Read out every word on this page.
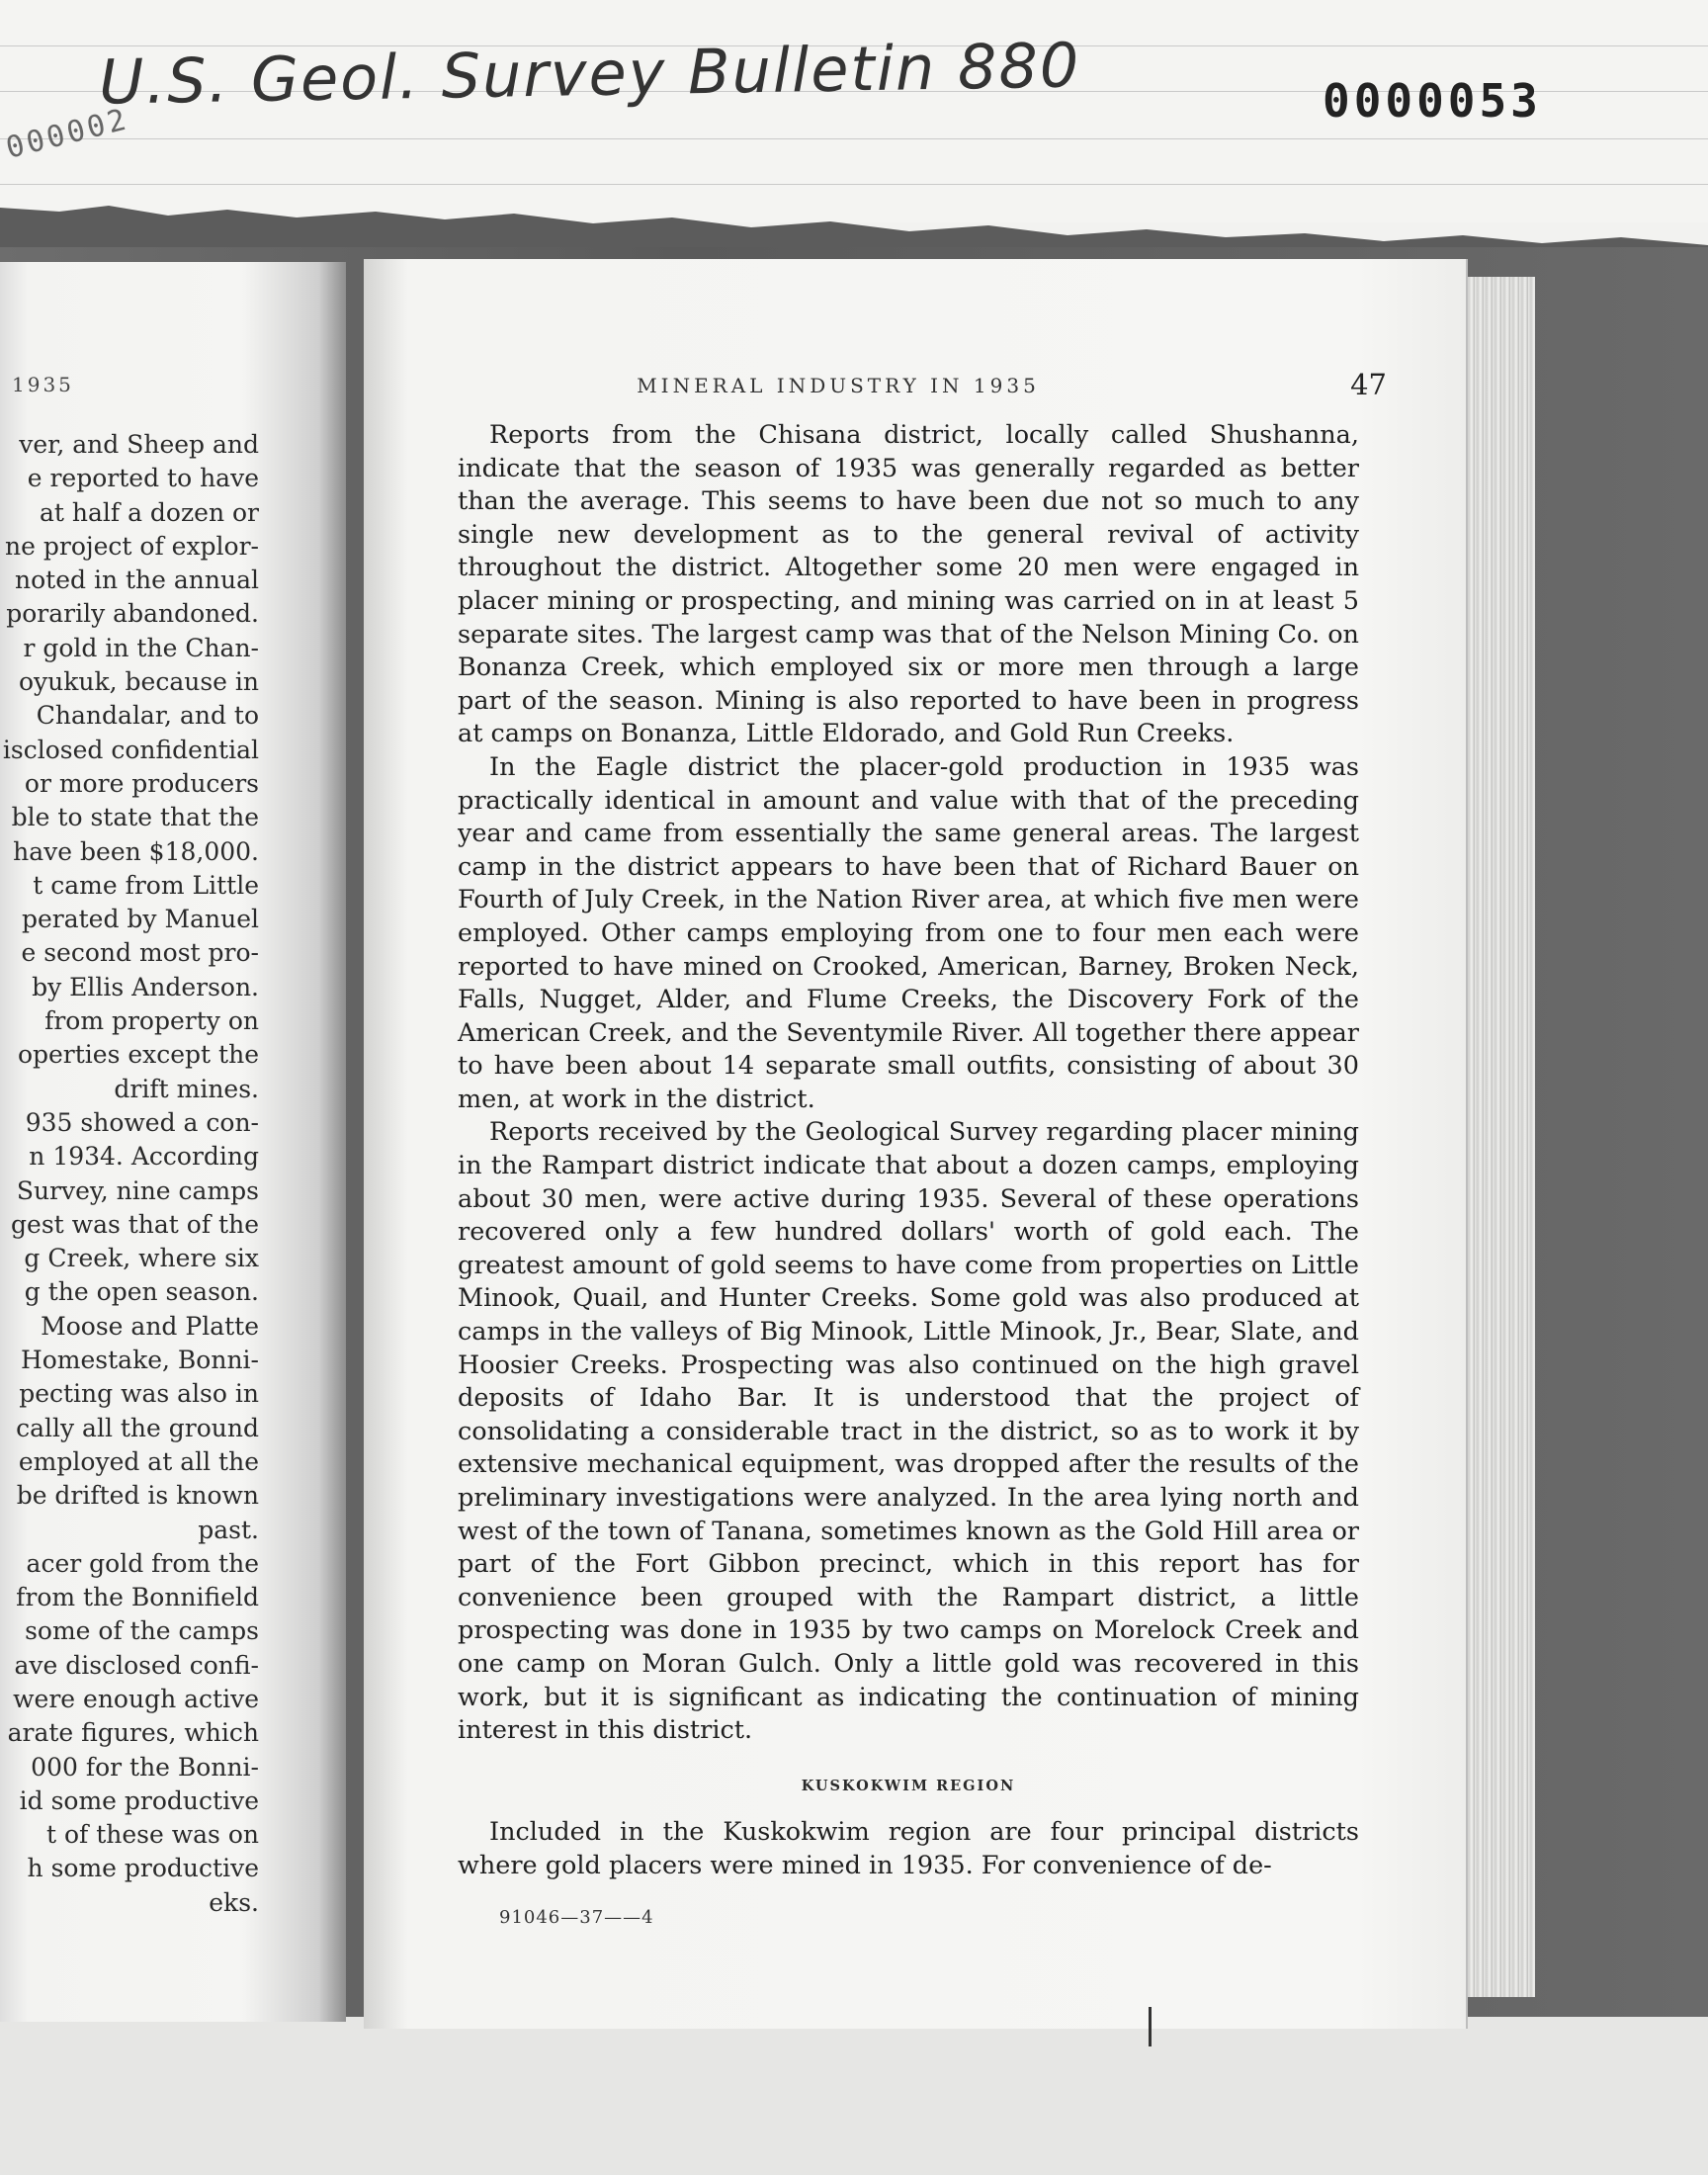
U.S. Geol. Survey Bulletin 880	0000053
000002
1935
ver, and Sheep and
e reported to have
at half a dozen or
ne project of explor-
noted in the annual
porarily abandoned.
r gold in the Chan-
oyukuk, because in
Chandalar, and to
isclosed confidential
or more producers
ble to state that the
have been $18,000.
t came from Little
perated by Manuel
e second most pro-
by Ellis Anderson.
from property on
operties except the
drift mines.
935 showed a con-
n 1934. According
Survey, nine camps
gest was that of the
g Creek, where six
g the open season.
Moose and Platte
Homestake, Bonni-
pecting was also in
cally all the ground
employed at all the
be drifted is known
past.
acer gold from the
from the Bonnifield
some of the camps
ave disclosed confi-
were enough active
arate figures, which
000 for the Bonni-
id some productive
t of these was on
h some productive
eks.
MINERAL INDUSTRY IN 1935	47

Reports from the Chisana district, locally called Shushanna, indicate that the season of 1935 was generally regarded as better than the average. This seems to have been due not so much to any single new development as to the general revival of activity throughout the district. Altogether some 20 men were engaged in placer mining or prospecting, and mining was carried on in at least 5 separate sites. The largest camp was that of the Nelson Mining Co. on Bonanza Creek, which employed six or more men through a large part of the season. Mining is also reported to have been in progress at camps on Bonanza, Little Eldorado, and Gold Run Creeks.

In the Eagle district the placer-gold production in 1935 was practically identical in amount and value with that of the preceding year and came from essentially the same general areas. The largest camp in the district appears to have been that of Richard Bauer on Fourth of July Creek, in the Nation River area, at which five men were employed. Other camps employing from one to four men each were reported to have mined on Crooked, American, Barney, Broken Neck, Falls, Nugget, Alder, and Flume Creeks, the Discovery Fork of the American Creek, and the Seventymile River. All together there appear to have been about 14 separate small outfits, consisting of about 30 men, at work in the district.

Reports received by the Geological Survey regarding placer mining in the Rampart district indicate that about a dozen camps, employing about 30 men, were active during 1935. Several of these operations recovered only a few hundred dollars' worth of gold each. The greatest amount of gold seems to have come from properties on Little Minook, Quail, and Hunter Creeks. Some gold was also produced at camps in the valleys of Big Minook, Little Minook, Jr., Bear, Slate, and Hoosier Creeks. Prospecting was also continued on the high gravel deposits of Idaho Bar. It is understood that the project of consolidating a considerable tract in the district, so as to work it by extensive mechanical equipment, was dropped after the results of the preliminary investigations were analyzed. In the area lying north and west of the town of Tanana, sometimes known as the Gold Hill area or part of the Fort Gibbon precinct, which in this report has for convenience been grouped with the Rampart district, a little prospecting was done in 1935 by two camps on Morelock Creek and one camp on Moran Gulch. Only a little gold was recovered in this work, but it is significant as indicating the continuation of mining interest in this district.

KUSKOKWIM REGION

Included in the Kuskokwim region are four principal districts where gold placers were mined in 1935. For convenience of de-

91046—37——4
